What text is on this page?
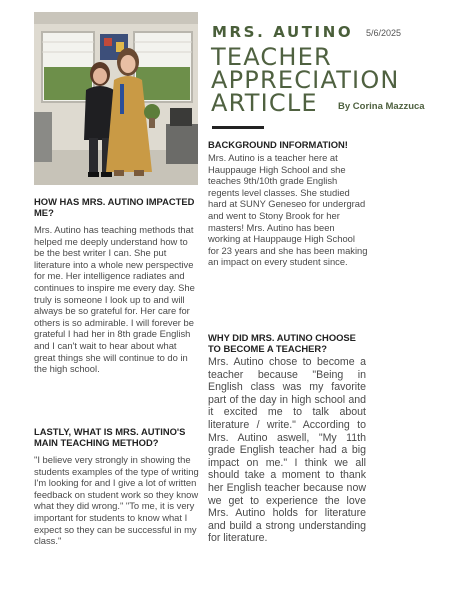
MRS. AUTINO 5/6/2025
TEACHER
APPRECIATION
ARTICLE	By Corina Mazzuca
HOW HAS MRS. AUTINO IMPACTED ME?

Mrs. Autino has teaching methods that helped me deeply understand how to be the best writer I can. She put literature into a whole new perspective for me. Her intelligence radiates and continues to inspire me every day. She truly is someone I look up to and will always be so grateful for. Her care for others is so admirable. I will forever be grateful I had her in 8th grade English and I can't wait to hear about what great things she will continue to do in the high school.

LASTLY, WHAT IS MRS. AUTINO'S MAIN TEACHING METHOD?

"I believe very strongly in showing the students examples of the type of writing I'm looking for and I give a lot of written feedback on student work so they know what they did wrong." "To me, it is very important for students to know what I expect so they can be successful in my class."

BACKGROUND INFORMATION!

Mrs. Autino is a teacher here at Hauppauge High School and she teaches 9th/10th grade English regents level classes. She studied hard at SUNY Geneseo for undergrad and went to Stony Brook for her masters! Mrs. Autino has been working at Hauppauge High School for 23 years and she has been making an impact on every student since.

WHY DID MRS. AUTINO CHOOSE TO BECOME A TEACHER?

Mrs. Autino chose to become a teacher because "Being in English class was my favorite part of the day in high school and it excited me to talk about literature / write." According to Mrs. Autino aswell, "My 11th grade English teacher had a big impact on me." I think we all should take a moment to thank her English teacher because now we get to experience the love Mrs. Autino holds for literature and build a strong understanding for literature.
